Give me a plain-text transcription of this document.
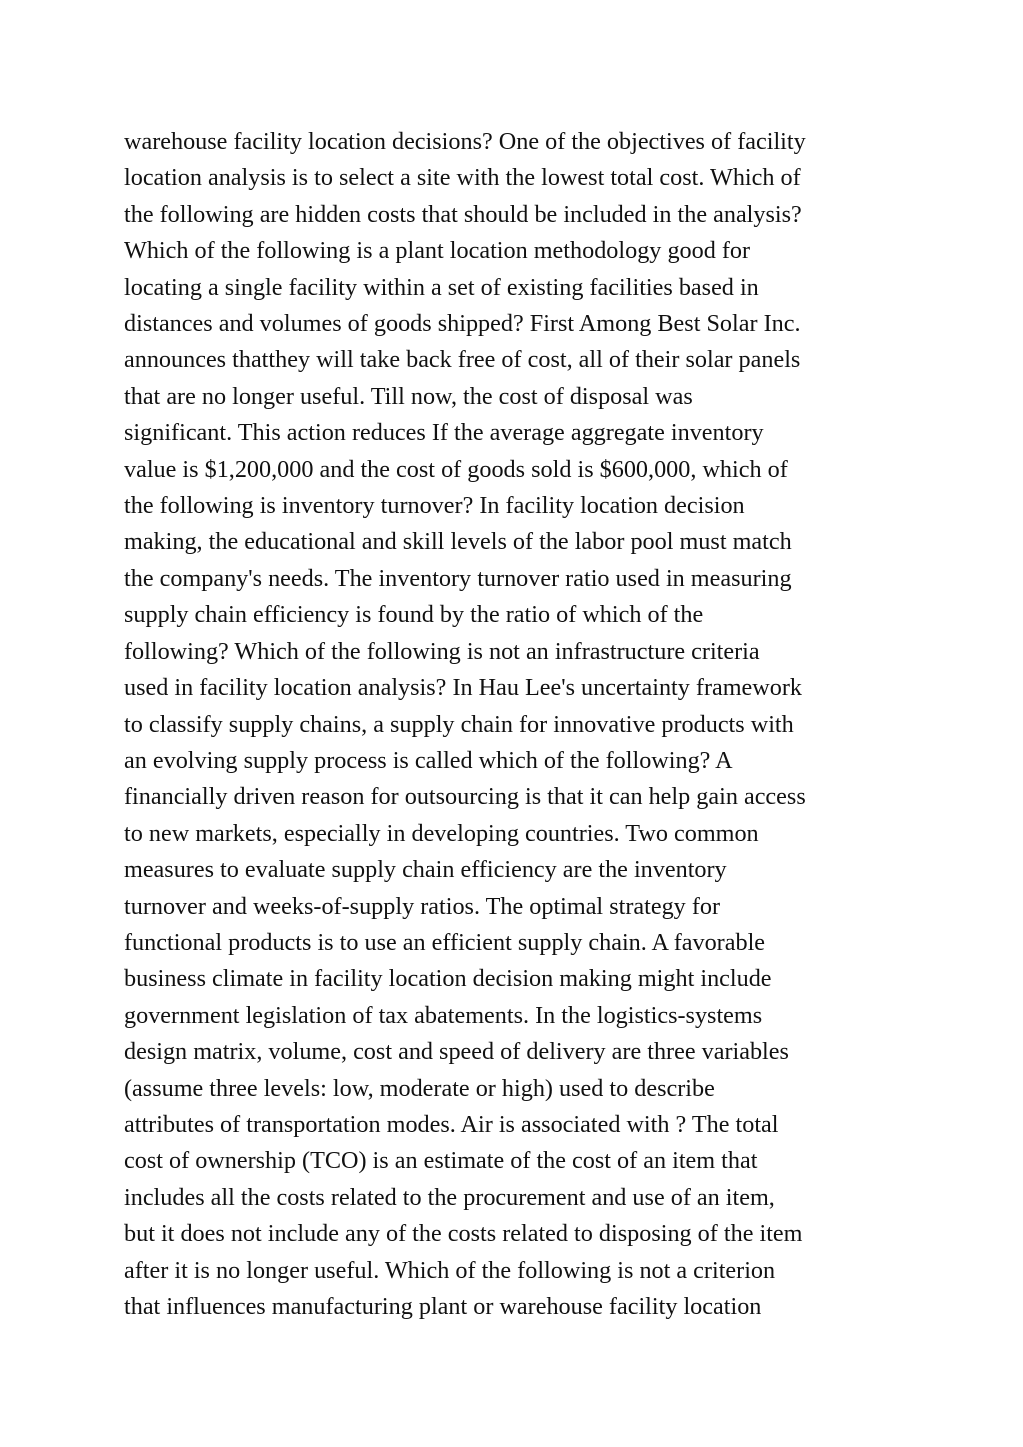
warehouse facility location decisions? One of the objectives of facility
location analysis is to select a site with the lowest total cost. Which of
the following are hidden costs that should be included in the analysis?
Which of the following is a plant location methodology good for
locating a single facility within a set of existing facilities based in
distances and volumes of goods shipped? First Among Best Solar Inc.
announces thatthey will take back free of cost, all of their solar panels
that are no longer useful. Till now, the cost of disposal was
significant. This action reduces If the average aggregate inventory
value is $1,200,000 and the cost of goods sold is $600,000, which of
the following is inventory turnover? In facility location decision
making, the educational and skill levels of the labor pool must match
the company's needs. The inventory turnover ratio used in measuring
supply chain efficiency is found by the ratio of which of the
following? Which of the following is not an infrastructure criteria
used in facility location analysis? In Hau Lee's uncertainty framework
to classify supply chains, a supply chain for innovative products with
an evolving supply process is called which of the following? A
financially driven reason for outsourcing is that it can help gain access
to new markets, especially in developing countries. Two common
measures to evaluate supply chain efficiency are the inventory
turnover and weeks-of-supply ratios. The optimal strategy for
functional products is to use an efficient supply chain. A favorable
business climate in facility location decision making might include
government legislation of tax abatements. In the logistics-systems
design matrix, volume, cost and speed of delivery are three variables
(assume three levels: low, moderate or high) used to describe
attributes of transportation modes. Air is associated with ? The total
cost of ownership (TCO) is an estimate of the cost of an item that
includes all the costs related to the procurement and use of an item,
but it does not include any of the costs related to disposing of the item
after it is no longer useful. Which of the following is not a criterion
that influences manufacturing plant or warehouse facility location
